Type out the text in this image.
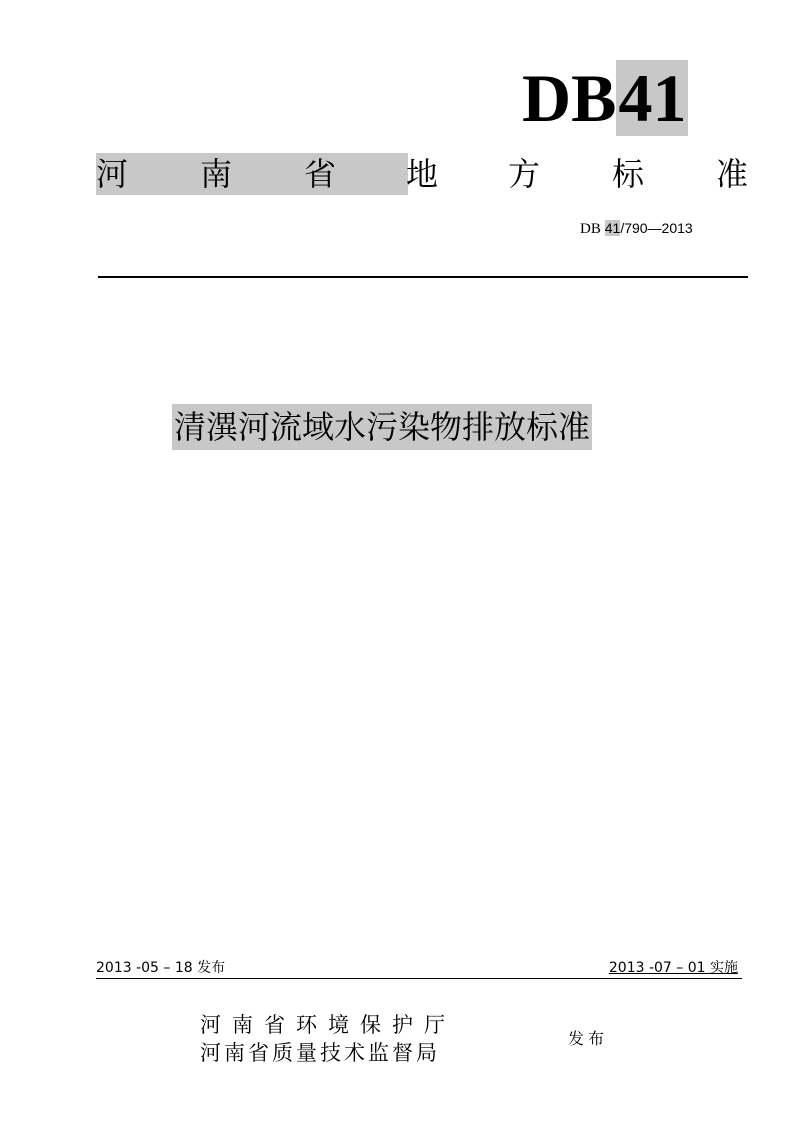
DB41
河 南 省 地 方 标 准
DB 41/790—2013
清潩河流域水污染物排放标准
2013 -05 – 18 发布	2013 -07 – 01 实施
河南省环境保护厅
河南省质量技术监督局
发布
